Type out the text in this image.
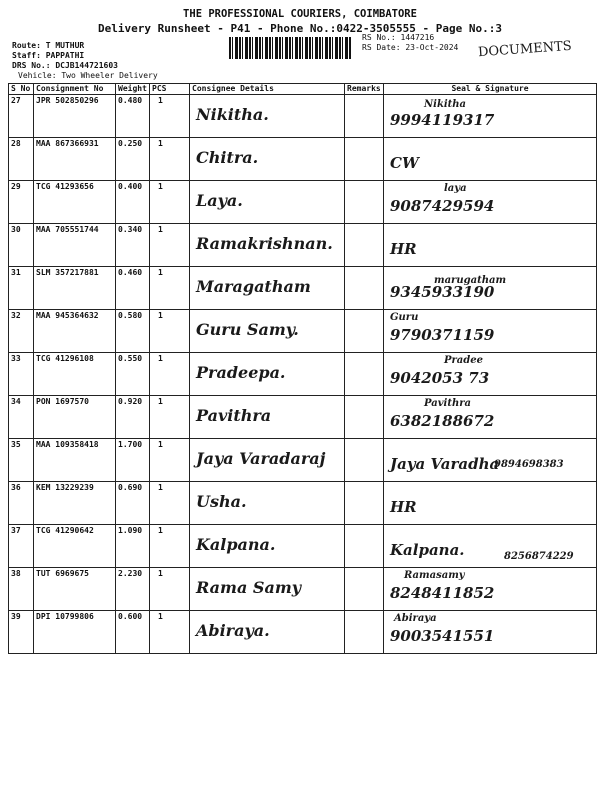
THE PROFESSIONAL COURIERS, COIMBATORE
Delivery Runsheet - P41 - Phone No.:0422-3505555 - Page No.:3
Route: T MUTHUR
Staff: PAPPATHI
DRS No.: DCJB144721603
Vehicle: Two Wheeler Delivery
RS No.: 1447216
RS Date: 23-Oct-2024 DOCUMENTS
S No	Consignment No	Weight	PCS	Consignee Details	Remarks	Seal & Signature
27	JPR 502850296	0.480	1	Nikitha.		9994119317
Nikitha

28	MAA 867366931	0.250	1	Chitra.		CW

29	TCG 41293656	0.400	1	Laya.		9087429594
laya

30	MAA 705551744	0.340	1	Ramakrishnan.		HR

31	SLM 357217881	0.460	1	Maragatham		9345933190
marugatham

32	MAA 945364632	0.580	1	Guru Samy.		9790371159
Guru

33	TCG 41296108	0.550	1	Pradeepa.		9042053 73
Pradee

34	PON 1697570	0.920	1	Pavithra		6382188672
Pavithra

35	MAA 109358418	1.700	1	Jaya Varadaraj		Jaya Varadha
9894698383

36	KEM 13229239	0.690	1	Usha.		HR

37	TCG 41290642	1.090	1	Kalpana.		Kalpana. 8256874229

38	TUT 6969675	2.230	1	Rama Samy		8248411852
Ramasamy

39	DPI 10799806	0.600	1	Abiraya.		9003541551
Abiraya
